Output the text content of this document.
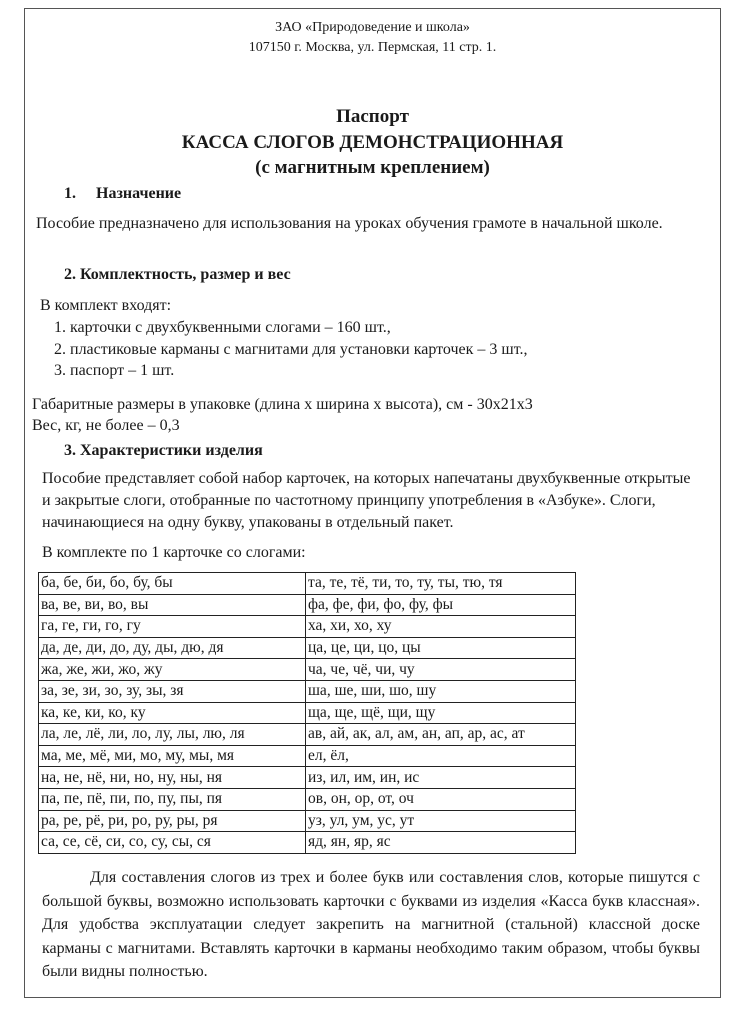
ЗАО «Природоведение и школа»
107150 г. Москва, ул. Пермская, 11 стр. 1.
Паспорт
КАССА СЛОГОВ ДЕМОНСТРАЦИОННАЯ
(с магнитным креплением)
1. Назначение
Пособие предназначено для использования на уроках обучения грамоте в начальной школе.
2. Комплектность, размер и вес
В комплект входят:
1. карточки с двухбуквенными слогами – 160 шт.,
2. пластиковые карманы с магнитами для установки карточек – 3 шт.,
3. паспорт – 1 шт.
Габаритные размеры в упаковке (длина х ширина х высота), см - 30х21х3
Вес, кг, не более – 0,3
3. Характеристики изделия
Пособие представляет собой набор карточек, на которых напечатаны двухбуквенные открытые и закрытые слоги, отобранные по частотному принципу употребления в «Азбуке». Слоги, начинающиеся на одну букву, упакованы в отдельный пакет.
В комплекте по 1 карточке со слогами:
ба, бе, би, бо, бу, бы	та, те, тё, ти, то, ту, ты, тю, тя
ва, ве, ви, во, вы	фа, фе, фи, фо, фу, фы
га, ге, ги, го, гу	ха, хи, хо, ху
да, де, ди, до, ду, ды, дю, дя	ца, це, ци, цо, цы
жа, же, жи, жо, жу	ча, че, чё, чи, чу
за, зе, зи, зо, зу, зы, зя	ша, ше, ши, шо, шу
ка, ке, ки, ко, ку	ща, ще, щё, щи, щу
ла, ле, лё, ли, ло, лу, лы, лю, ля	ав, ай, ак, ал, ам, ан, ап, ар, ас, ат
ма, ме, мё, ми, мо, му, мы, мя	ел, ёл,
на, не, нё, ни, но, ну, ны, ня	из, ил, им, ин, ис
па, пе, пё, пи, по, пу, пы, пя	ов, он, ор, от, оч
ра, ре, рё, ри, ро, ру, ры, ря	уз, ул, ум, ус, ут
са, се, сё, си, со, су, сы, ся	яд, ян, яр, яс
Для составления слогов из трех и более букв или составления слов, которые пишутся с большой буквы, возможно использовать карточки с буквами из изделия «Касса букв классная». Для удобства эксплуатации следует закрепить на магнитной (стальной) классной доске карманы с магнитами. Вставлять карточки в карманы необходимо таким образом, чтобы буквы были видны полностью.
